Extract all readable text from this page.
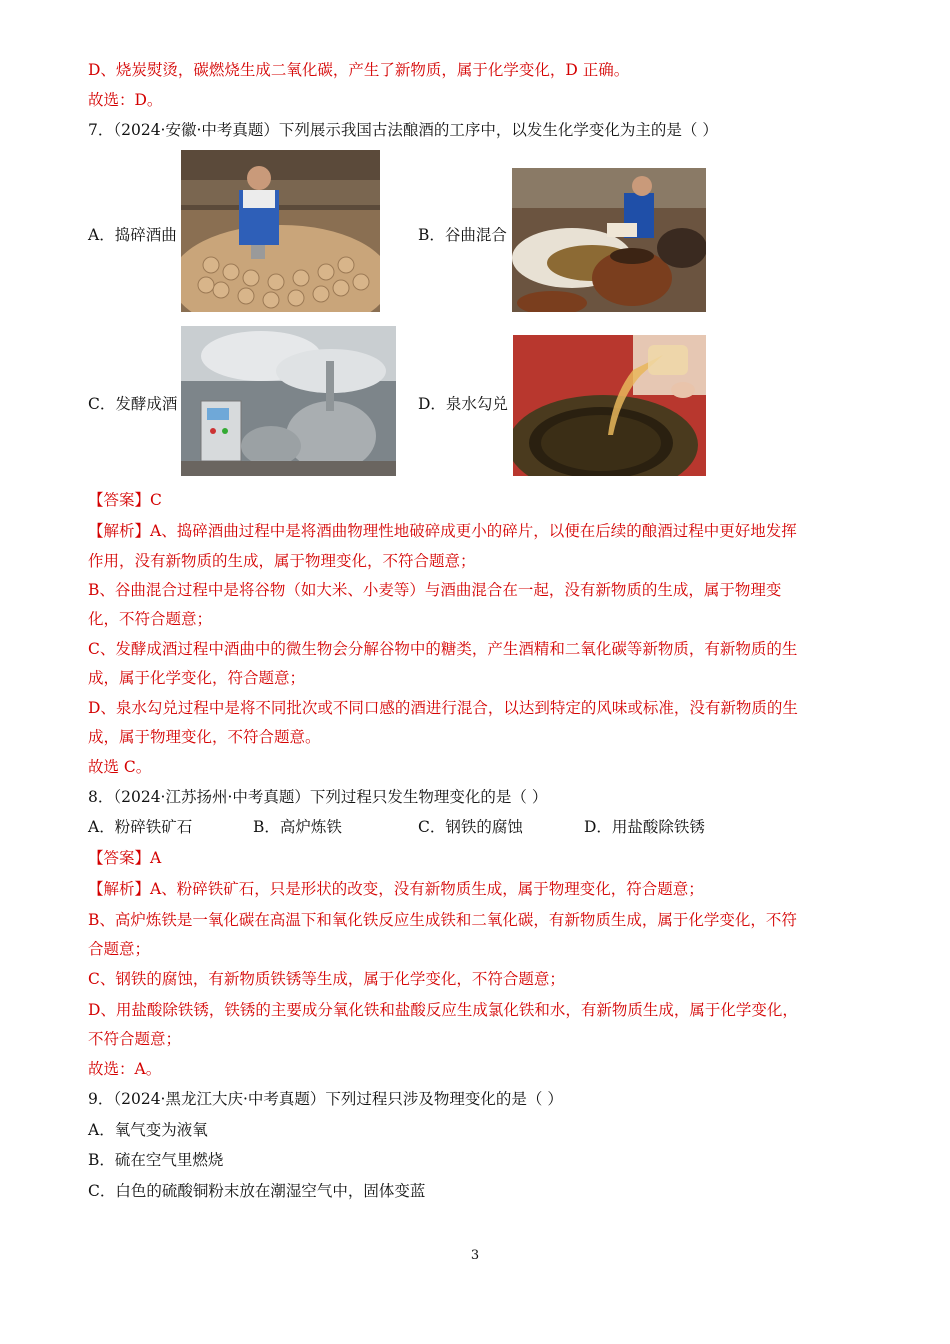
D、烧炭熨烫，碳燃烧生成二氧化碳，产生了新物质，属于化学变化，D 正确。
故选：D。
7．（2024·安徽·中考真题）下列展示我国古法酿酒的工序中，以发生化学变化为主的是（ ）
A．捣碎酒曲	B．谷曲混合
C．发酵成酒	D．泉水勾兑
【答案】C
【解析】A、捣碎酒曲过程中是将酒曲物理性地破碎成更小的碎片，以便在后续的酿酒过程中更好地发挥
作用，没有新物质的生成，属于物理变化，不符合题意；
B、谷曲混合过程中是将谷物（如大米、小麦等）与酒曲混合在一起，没有新物质的生成，属于物理变
化，不符合题意；
C、发酵成酒过程中酒曲中的微生物会分解谷物中的糖类，产生酒精和二氧化碳等新物质，有新物质的生
成，属于化学变化，符合题意；
D、泉水勾兑过程中是将不同批次或不同口感的酒进行混合，以达到特定的风味或标准，没有新物质的生
成，属于物理变化，不符合题意。
故选 C。
8．（2024·江苏扬州·中考真题）下列过程只发生物理变化的是（ ）
A．粉碎铁矿石	B．高炉炼铁	C．钢铁的腐蚀	D．用盐酸除铁锈
【答案】A
【解析】A、粉碎铁矿石，只是形状的改变，没有新物质生成，属于物理变化，符合题意；
B、高炉炼铁是一氧化碳在高温下和氧化铁反应生成铁和二氧化碳，有新物质生成，属于化学变化，不符
合题意；
C、钢铁的腐蚀，有新物质铁锈等生成，属于化学变化，不符合题意；
D、用盐酸除铁锈，铁锈的主要成分氧化铁和盐酸反应生成氯化铁和水，有新物质生成，属于化学变化，
不符合题意；
故选：A。
9．（2024·黑龙江大庆·中考真题）下列过程只涉及物理变化的是（ ）
A．氧气变为液氧
B．硫在空气里燃烧
C．白色的硫酸铜粉末放在潮湿空气中，固体变蓝
3
